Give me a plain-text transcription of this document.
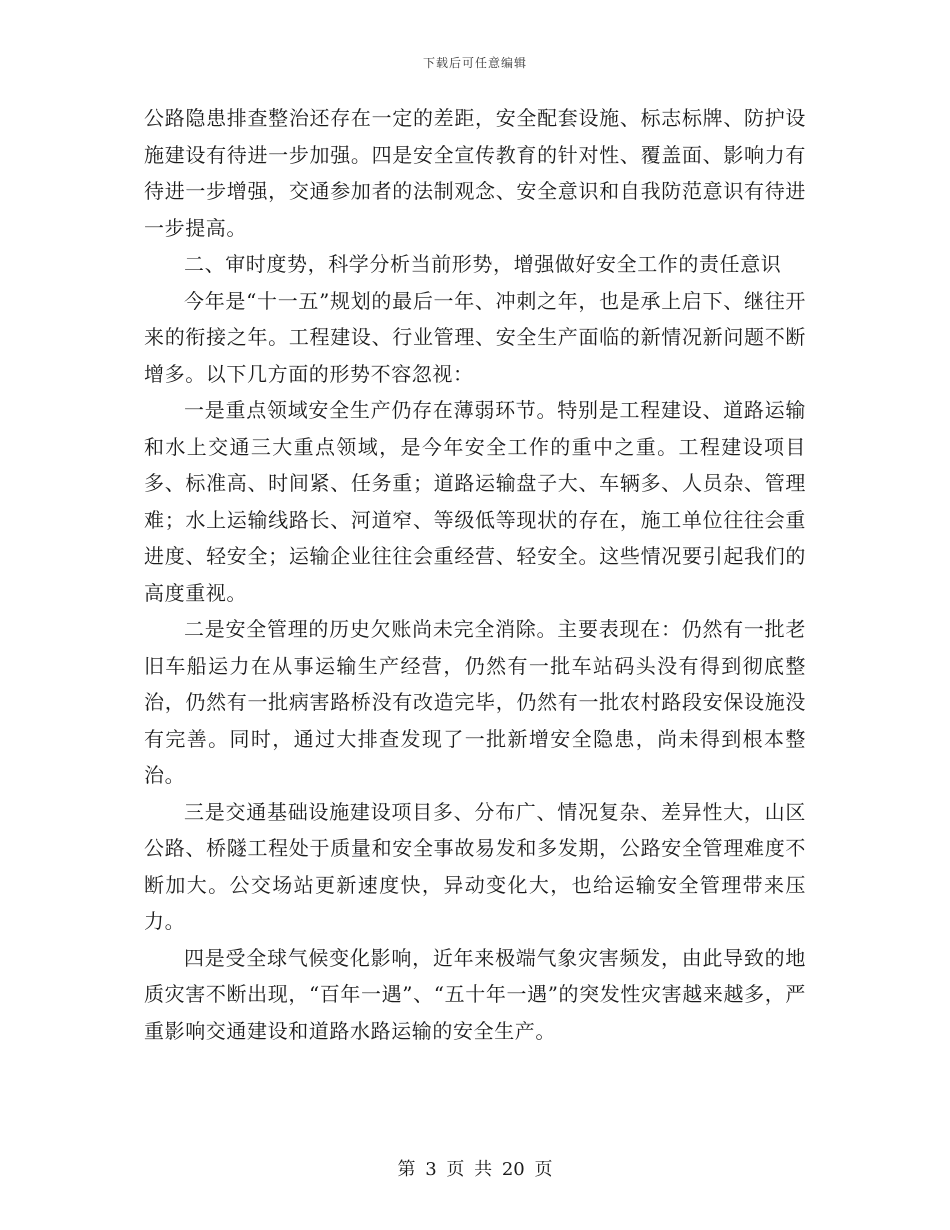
下载后可任意编辑

公路隐患排查整治还存在一定的差距，安全配套设施、标志标牌、防护设施建设有待进一步加强。四是安全宣传教育的针对性、覆盖面、影响力有待进一步增强，交通参加者的法制观念、安全意识和自我防范意识有待进一步提高。

二、审时度势，科学分析当前形势，增强做好安全工作的责任意识

今年是“十一五”规划的最后一年、冲刺之年，也是承上启下、继往开来的衔接之年。工程建设、行业管理、安全生产面临的新情况新问题不断增多。以下几方面的形势不容忽视：

一是重点领域安全生产仍存在薄弱环节。特别是工程建设、道路运输和水上交通三大重点领域，是今年安全工作的重中之重。工程建设项目多、标准高、时间紧、任务重；道路运输盘子大、车辆多、人员杂、管理难；水上运输线路长、河道窄、等级低等现状的存在，施工单位往往会重进度、轻安全；运输企业往往会重经营、轻安全。这些情况要引起我们的高度重视。

二是安全管理的历史欠账尚未完全消除。主要表现在：仍然有一批老旧车船运力在从事运输生产经营，仍然有一批车站码头没有得到彻底整治，仍然有一批病害路桥没有改造完毕，仍然有一批农村路段安保设施没有完善。同时，通过大排查发现了一批新增安全隐患，尚未得到根本整治。

三是交通基础设施建设项目多、分布广、情况复杂、差异性大，山区公路、桥隧工程处于质量和安全事故易发和多发期，公路安全管理难度不断加大。公交场站更新速度快，异动变化大，也给运输安全管理带来压力。

四是受全球气候变化影响，近年来极端气象灾害频发，由此导致的地质灾害不断出现，“百年一遇”、“五十年一遇”的突发性灾害越来越多，严重影响交通建设和道路水路运输的安全生产。

第 3 页 共 20 页
